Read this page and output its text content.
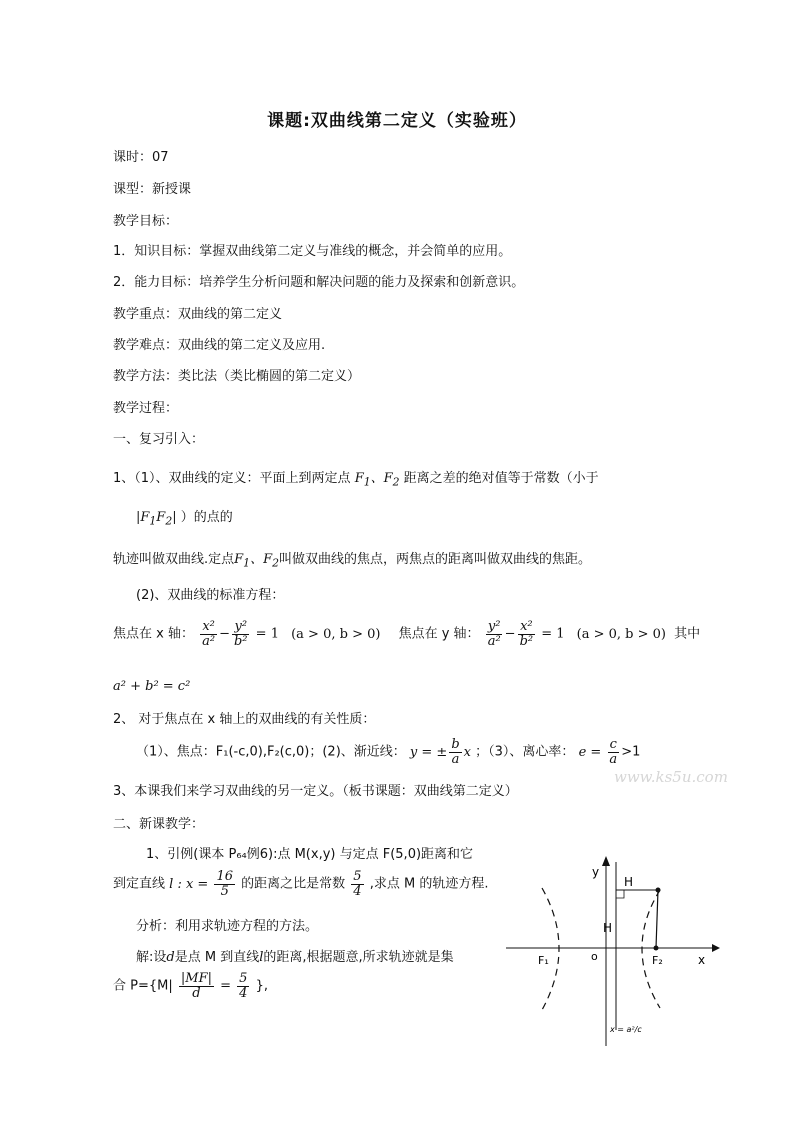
课题:双曲线第二定义（实验班）
课时：07
课型：新授课
教学目标：
1．知识目标：掌握双曲线第二定义与准线的概念，并会简单的应用。
2．能力目标：培养学生分析问题和解决问题的能力及探索和创新意识。
教学重点：双曲线的第二定义
教学难点：双曲线的第二定义及应用.
教学方法：类比法（类比椭圆的第二定义）
教学过程：
一、复习引入：
1、（1）、双曲线的定义：平面上到两定点 $F_1$、$F_2$ 距离之差的绝对值等于常数（小于
$|F_1F_2|$ ）的点的
轨迹叫做双曲线.定点$F_1$、$F_2$叫做双曲线的焦点，两焦点的距离叫做双曲线的焦距。
(2)、双曲线的标准方程：
焦点在 x 轴： $\frac{\text{x²}}{\text{a²}} - \frac{\text{y²}}{\text{b²}} = 1$ (a > 0, b > 0) 焦点在 y 轴： $\frac{\text{y²}}{\text{a²}} - \frac{\text{x²}}{\text{b²}} = 1$ (a > 0, b > 0) 其中
a² + b² = c²
2、 对于焦点在 x 轴上的双曲线的有关性质：
（1）、焦点：F₁(-c,0),F₂(c,0)；(2)、渐近线： y = ± $\frac{b}{a}$ x ；（3）、离心率： $e = \frac{c}{a} >1$
www.ks5u.com
3、本课我们来学习双曲线的另一定义。（板书课题：双曲线第二定义）
二、新课教学：
1、引例(课本 P₆₄例6):点 M(x,y) 与定点 F(5,0)距离和它
到定直线 l : $x = \frac{16}{5}$ 的距离之比是常数 $\frac{5}{4}$ ,求点 M 的轨迹方程.
分析：利用求轨迹方程的方法。
解:设d是点 M 到直线l的距离,根据题意,所求轨迹就是集
合 $P=\{M| \frac{|MF|}{d} = \frac{5}{4}$ },
y
x
o
F₁	F₂
H
H
x = a²/c
